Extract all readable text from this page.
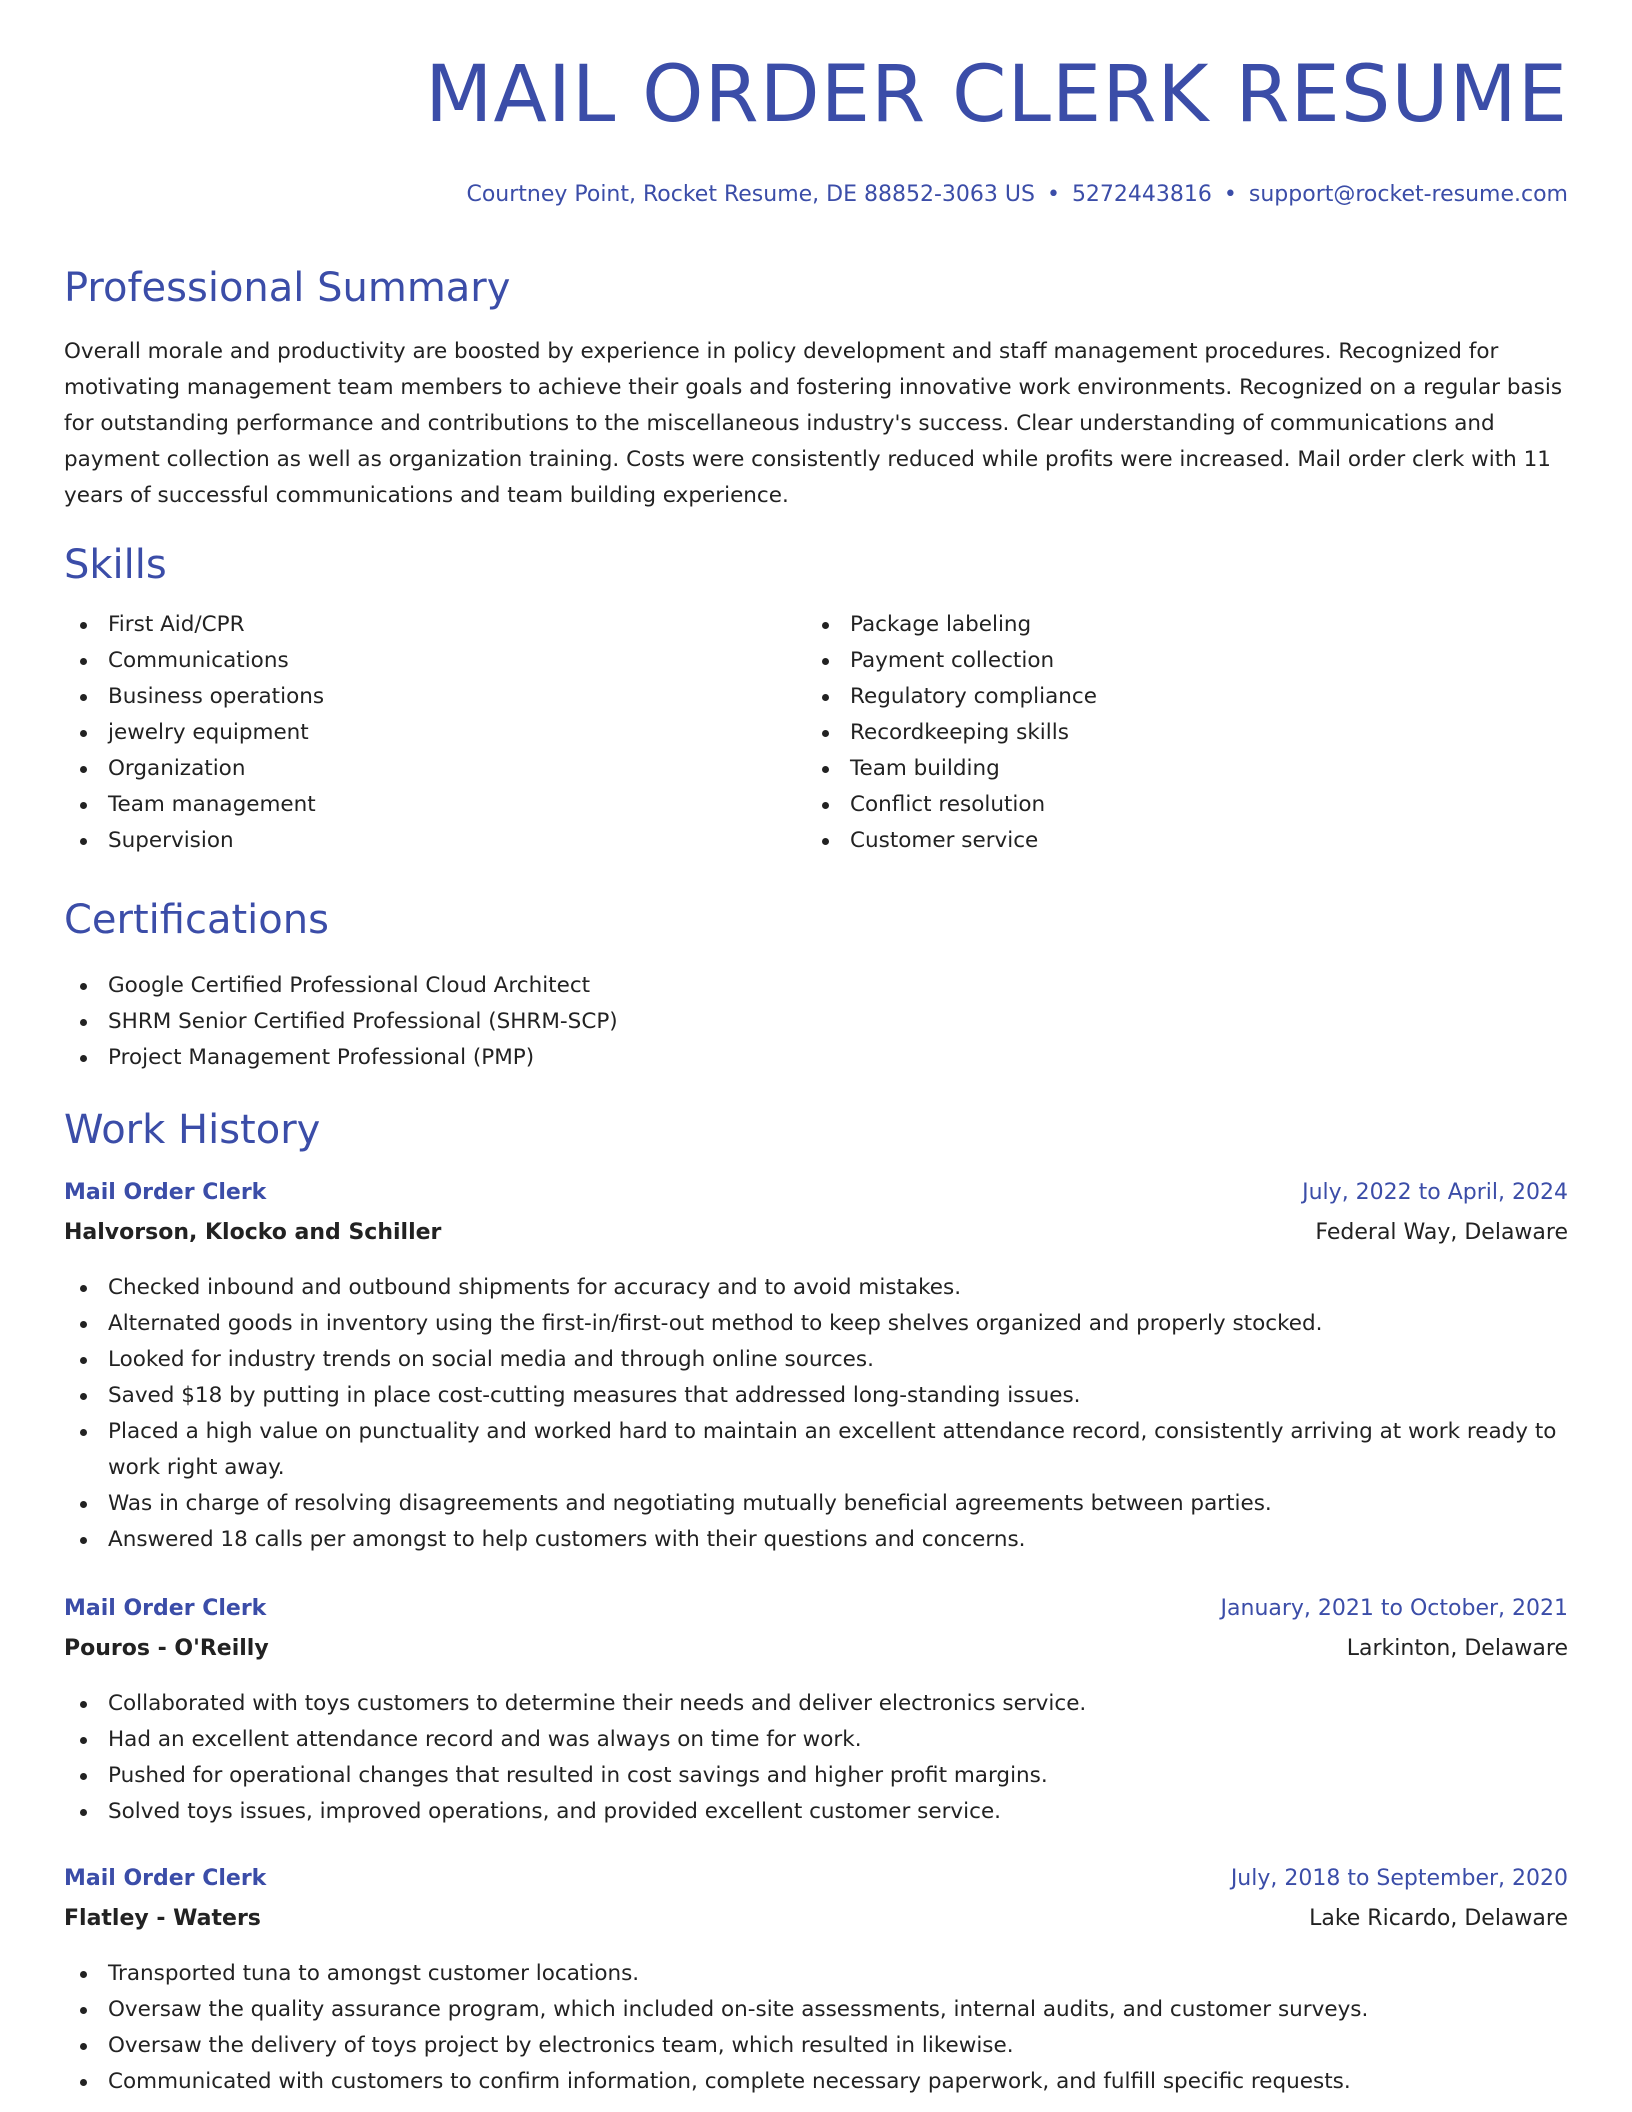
MAIL ORDER CLERK RESUME
Courtney Point, Rocket Resume, DE 88852-3063 US • 5272443816 • support@rocket-resume.com
Professional Summary

Overall morale and productivity are boosted by experience in policy development and staff management procedures. Recognized for motivating management team members to achieve their goals and fostering innovative work environments. Recognized on a regular basis for outstanding performance and contributions to the miscellaneous industry's success. Clear understanding of communications and payment collection as well as organization training. Costs were consistently reduced while profits were increased. Mail order clerk with 11 years of successful communications and team building experience.

Skills
First Aid/CPR
Communications
Business operations
jewelry equipment
Organization
Team management
Supervision
Package labeling
Payment collection
Regulatory compliance
Recordkeeping skills
Team building
Conflict resolution
Customer service
Certifications
Google Certified Professional Cloud Architect
SHRM Senior Certified Professional (SHRM-SCP)
Project Management Professional (PMP)
Work History
Mail Order Clerk	July, 2022 to April, 2024
Halvorson, Klocko and Schiller	Federal Way, Delaware
Checked inbound and outbound shipments for accuracy and to avoid mistakes.
Alternated goods in inventory using the first-in/first-out method to keep shelves organized and properly stocked.
Looked for industry trends on social media and through online sources.
Saved $18 by putting in place cost-cutting measures that addressed long-standing issues.
Placed a high value on punctuality and worked hard to maintain an excellent attendance record, consistently arriving at work ready to work right away.
Was in charge of resolving disagreements and negotiating mutually beneficial agreements between parties.
Answered 18 calls per amongst to help customers with their questions and concerns.
Mail Order Clerk	January, 2021 to October, 2021
Pouros - O'Reilly	Larkinton, Delaware
Collaborated with toys customers to determine their needs and deliver electronics service.
Had an excellent attendance record and was always on time for work.
Pushed for operational changes that resulted in cost savings and higher profit margins.
Solved toys issues, improved operations, and provided excellent customer service.
Mail Order Clerk	July, 2018 to September, 2020
Flatley - Waters	Lake Ricardo, Delaware
Transported tuna to amongst customer locations.
Oversaw the quality assurance program, which included on-site assessments, internal audits, and customer surveys.
Oversaw the delivery of toys project by electronics team, which resulted in likewise.
Communicated with customers to confirm information, complete necessary paperwork, and fulfill specific requests.
